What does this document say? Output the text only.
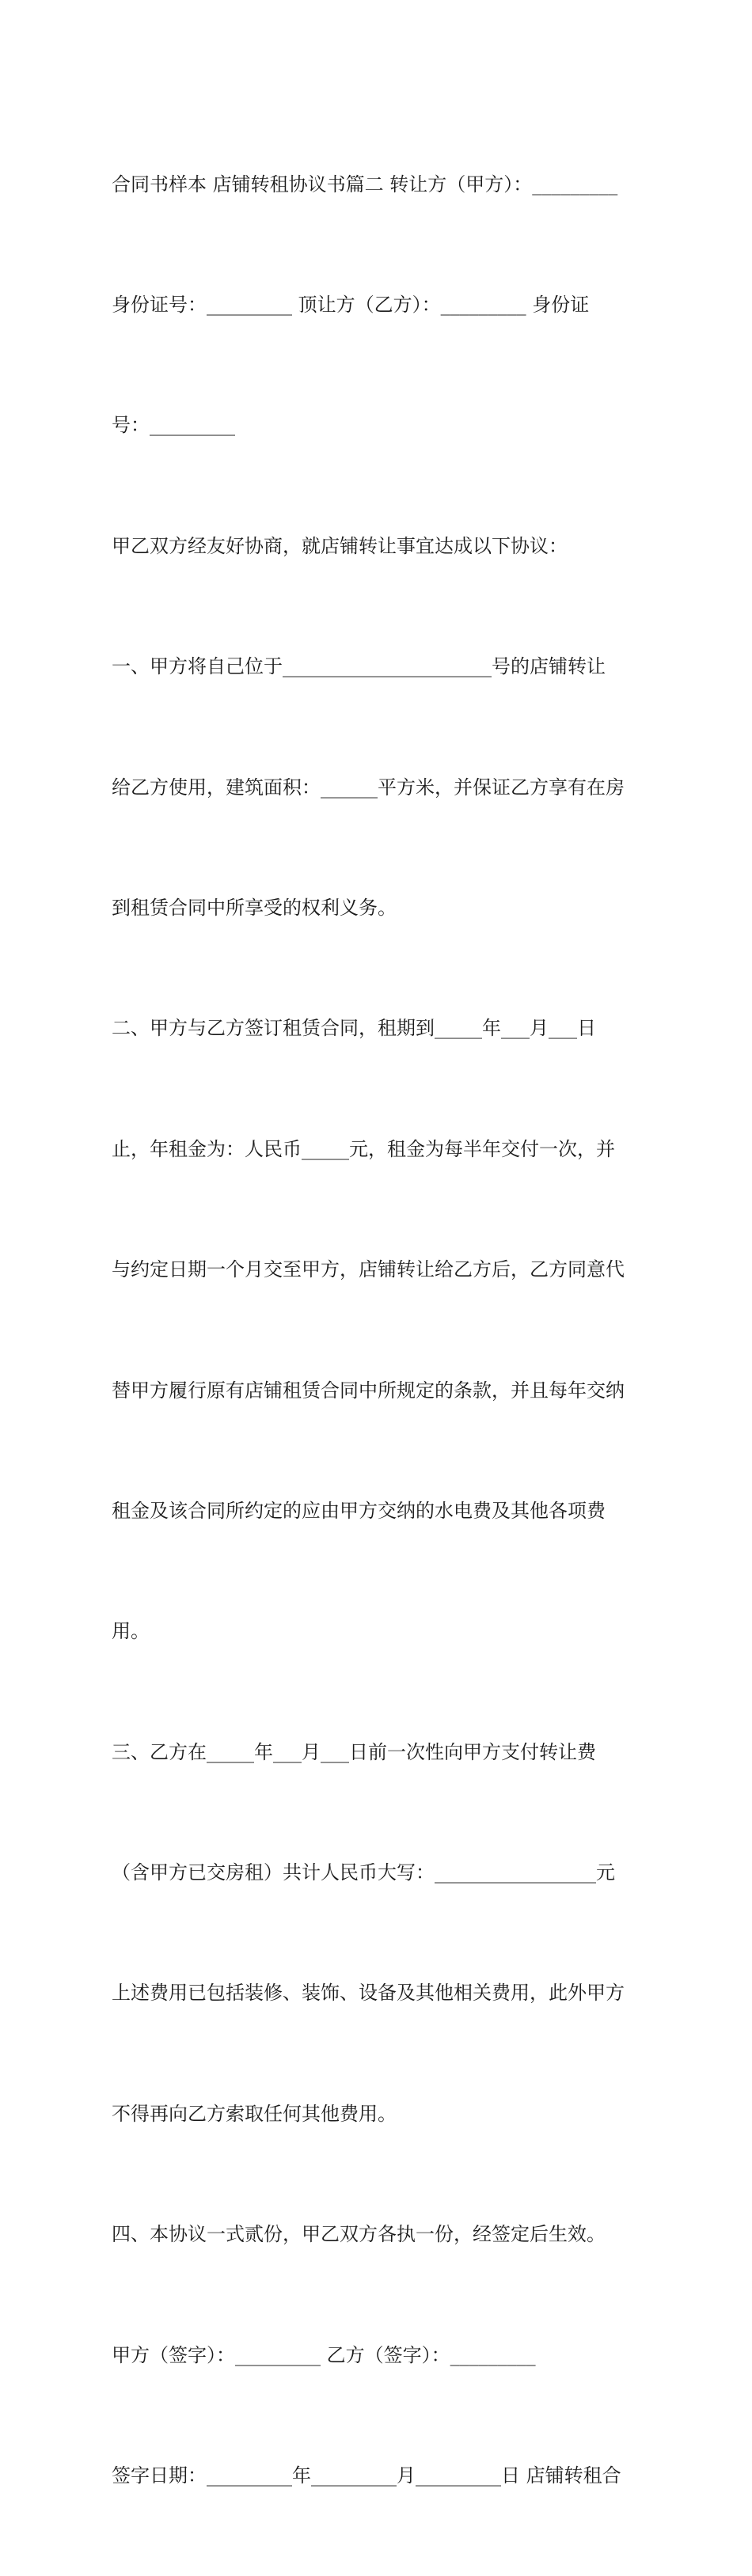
合同书样本 店铺转租协议书篇二 转让方（甲方）：_________

身份证号：_________ 顶让方（乙方）：_________ 身份证

号：_________

甲乙双方经友好协商，就店铺转让事宜达成以下协议：

一、甲方将自己位于______________________号的店铺转让

给乙方使用，建筑面积：______平方米，并保证乙方享有在房

到租赁合同中所享受的权利义务。

二、甲方与乙方签订租赁合同，租期到_____年___月___日

止，年租金为：人民币_____元，租金为每半年交付一次，并

与约定日期一个月交至甲方，店铺转让给乙方后，乙方同意代

替甲方履行原有店铺租赁合同中所规定的条款，并且每年交纳

租金及该合同所约定的应由甲方交纳的水电费及其他各项费

用。

三、乙方在_____年___月___日前一次性向甲方支付转让费

（含甲方已交房租）共计人民币大写：_________________元

上述费用已包括装修、装饰、设备及其他相关费用，此外甲方

不得再向乙方索取任何其他费用。

四、本协议一式贰份，甲乙双方各执一份，经签定后生效。

甲方（签字）：_________ 乙方（签字）：_________

签字日期：_________年_________月_________日 店铺转租合
